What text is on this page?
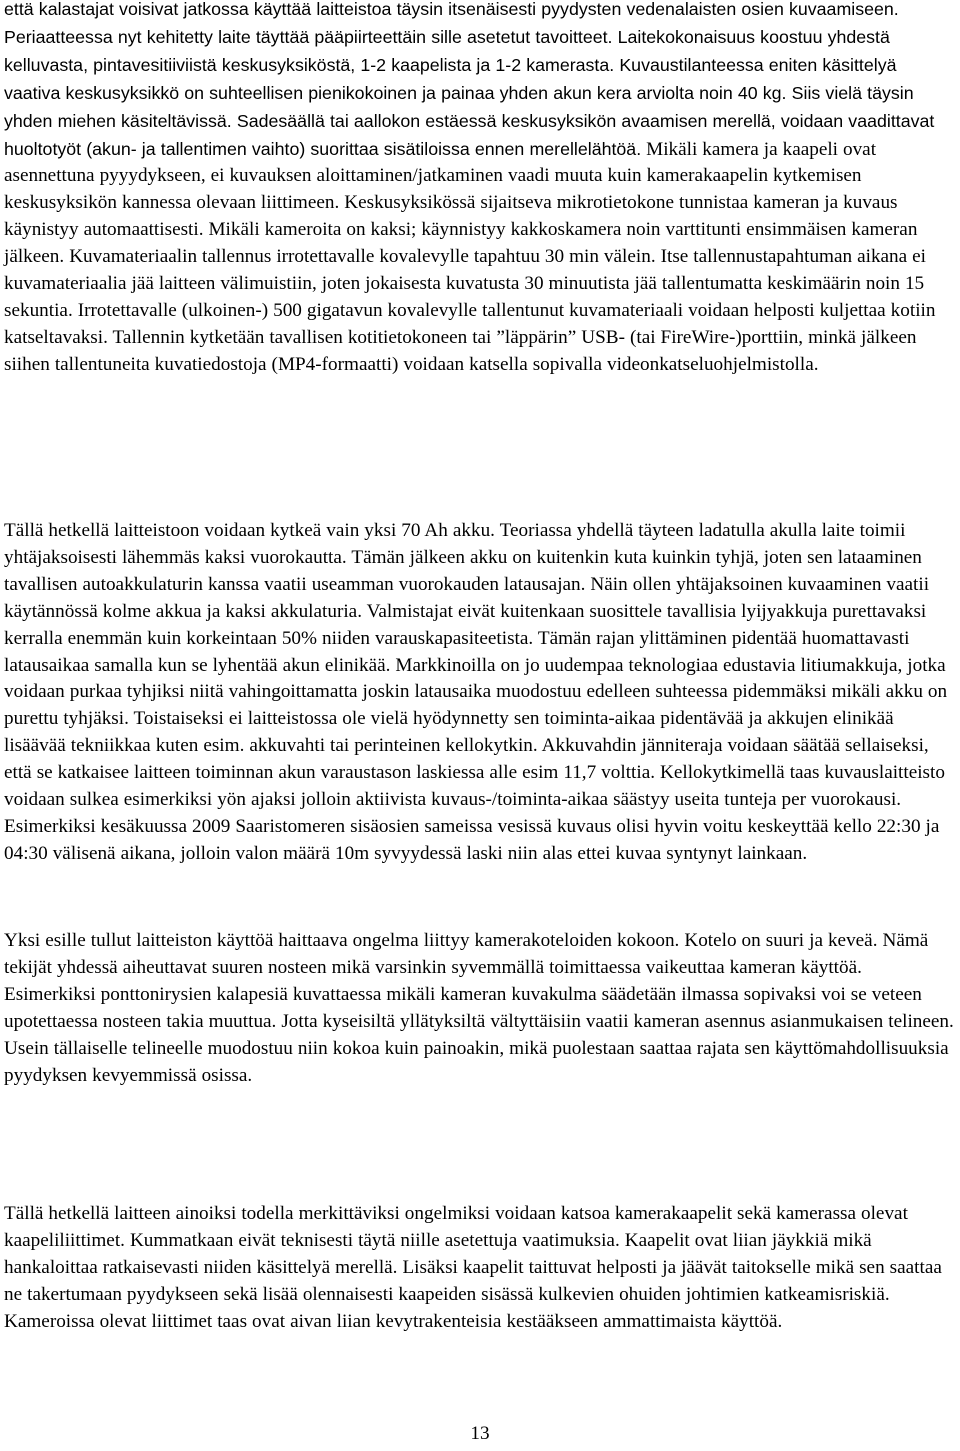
että kalastajat voisivat jatkossa käyttää laitteistoa täysin itsenäisesti pyydysten vedenalaisten osien kuvaamiseen. Periaatteessa nyt kehitetty laite täyttää pääpiirteettäin sille asetetut tavoitteet. Laitekokonaisuus koostuu yhdestä kelluvasta, pintavesitiiviistä keskusyksiköstä, 1-2 kaapelista ja 1-2 kamerasta. Kuvaustilanteessa eniten käsittelyä vaativa keskusyksikkö on suhteellisen pienikokoinen ja painaa yhden akun kera arviolta noin 40 kg. Siis vielä täysin yhden miehen käsiteltävissä. Sadesäällä tai aallokon estäessä keskusyksikön avaamisen merellä, voidaan vaadittavat huoltotyöt (akun- ja tallentimen vaihto) suorittaa sisätiloissa ennen merellelähtöä. Mikäli kamera ja kaapeli ovat asennettuna pyyydykseen, ei kuvauksen aloittaminen/jatkaminen vaadi muuta kuin kamerakaapelin kytkemisen keskusyksikön kannessa olevaan liittimeen. Keskusyksikössä sijaitseva mikrotietokone tunnistaa kameran ja kuvaus käynistyy automaattisesti. Mikäli kameroita on kaksi; käynnistyy kakkoskamera noin varttitunti ensimmäisen kameran jälkeen. Kuvamateriaalin tallennus irrotettavalle kovalevylle tapahtuu 30 min välein. Itse tallennustapahtuman aikana ei kuvamateriaalia jää laitteen välimuistiin, joten jokaisesta kuvatusta 30 minuutista jää tallentumatta keskimäärin noin 15 sekuntia. Irrotettavalle (ulkoinen-) 500 gigatavun kovalevylle tallentunut kuvamateriaali voidaan helposti kuljettaa kotiin katseltavaksi. Tallennin kytketään tavallisen kotitietokoneen tai ”läppärin” USB- (tai FireWire-)porttiin, minkä jälkeen siihen tallentuneita kuvatiedostoja (MP4-formaatti) voidaan katsella sopivalla videonkatseluohjelmistolla.

Tällä hetkellä laitteistoon voidaan kytkeä vain yksi 70 Ah akku. Teoriassa yhdellä täyteen ladatulla akulla laite toimii yhtäjaksoisesti lähemmäs kaksi vuorokautta. Tämän jälkeen akku on kuitenkin kuta kuinkin tyhjä, joten sen lataaminen tavallisen autoakkulaturin kanssa vaatii useamman vuorokauden latausajan. Näin ollen yhtäjaksoinen kuvaaminen vaatii käytännössä kolme akkua ja kaksi akkulaturia. Valmistajat eivät kuitenkaan suosittele tavallisia lyijyakkuja purettavaksi kerralla enemmän kuin korkeintaan 50% niiden varauskapasiteetista. Tämän rajan ylittäminen pidentää huomattavasti latausaikaa samalla kun se lyhentää akun elinikää. Markkinoilla on jo uudempaa teknologiaa edustavia litiumakkuja, jotka voidaan purkaa tyhjiksi niitä vahingoittamatta joskin latausaika muodostuu edelleen suhteessa pidemmäksi mikäli akku on purettu tyhjäksi. Toistaiseksi ei laitteistossa ole vielä hyödynnetty sen toiminta-aikaa pidentävää ja akkujen elinikää lisäävää tekniikkaa kuten esim. akkuvahti tai perinteinen kellokytkin. Akkuvahdin jänniteraja voidaan säätää sellaiseksi, että se katkaisee laitteen toiminnan akun varaustason laskiessa alle esim 11,7 volttia. Kellokytkimellä taas kuvauslaitteisto voidaan sulkea esimerkiksi yön ajaksi jolloin aktiivista kuvaus-/toiminta-aikaa säästyy useita tunteja per vuorokausi. Esimerkiksi kesäkuussa 2009 Saaristomeren sisäosien sameissa vesissä kuvaus olisi hyvin voitu keskeyttää kello 22:30 ja 04:30 välisenä aikana, jolloin valon määrä 10m syvyydessä laski niin alas ettei kuvaa syntynyt lainkaan.

Yksi esille tullut laitteiston käyttöä haittaava ongelma liittyy kamerakoteloiden kokoon. Kotelo on suuri ja keveä. Nämä tekijät yhdessä aiheuttavat suuren nosteen mikä varsinkin syvemmällä toimittaessa vaikeuttaa kameran käyttöä. Esimerkiksi ponttonirysien kalapesiä kuvattaessa mikäli kameran kuvakulma säädetään ilmassa sopivaksi voi se veteen upotettaessa nosteen takia muuttua. Jotta kyseisiltä yllätyksiltä vältyttäisiin vaatii kameran asennus asianmukaisen telineen. Usein tällaiselle telineelle muodostuu niin kokoa kuin painoakin, mikä puolestaan saattaa rajata sen käyttömahdollisuuksia pyydyksen kevyemmissä osissa.

Tällä hetkellä laitteen ainoiksi todella merkittäviksi ongelmiksi voidaan katsoa kamerakaapelit sekä kamerassa olevat kaapeliliittimet. Kummatkaan eivät teknisesti täytä niille asetettuja vaatimuksia. Kaapelit ovat liian jäykkiä mikä hankaloittaa ratkaisevasti niiden käsittelyä merellä. Lisäksi kaapelit taittuvat helposti ja jäävät taitokselle mikä sen saattaa ne takertumaan pyydykseen sekä lisää olennaisesti kaapeiden sisässä kulkevien ohuiden johtimien katkeamisriskiä. Kameroissa olevat liittimet taas ovat aivan liian kevytrakenteisia kestääkseen ammattimaista käyttöä.

13
